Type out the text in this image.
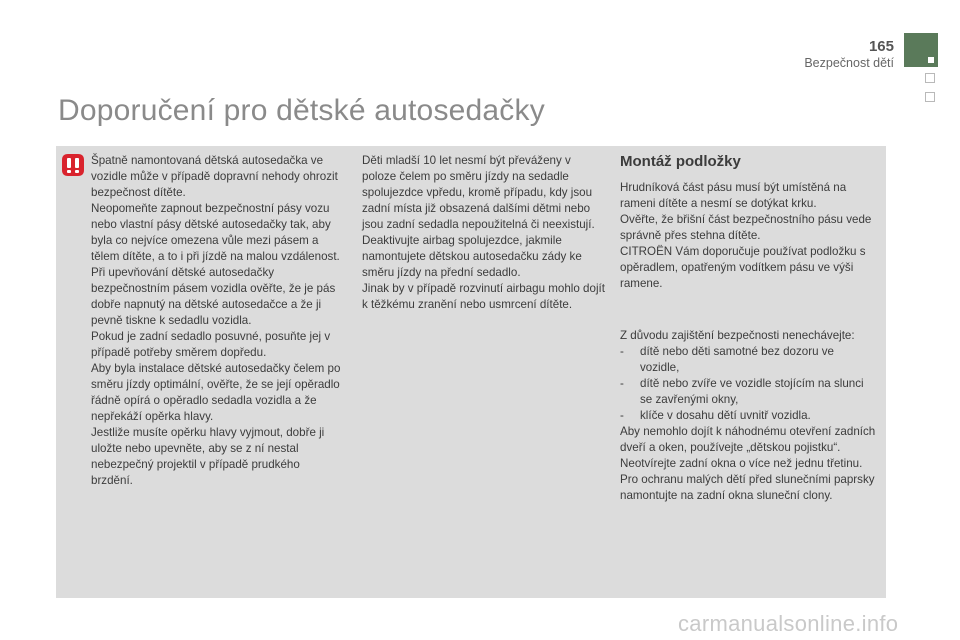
165
Bezpečnost dětí
Doporučení pro dětské autosedačky

Špatně namontovaná dětská autosedačka ve vozidle může v případě dopravní nehody ohrozit bezpečnost dítěte.

Neopomeňte zapnout bezpečnostní pásy vozu nebo vlastní pásy dětské autosedačky tak, aby byla co nejvíce omezena vůle mezi pásem a tělem dítěte, a to i při jízdě na malou vzdálenost.

Při upevňování dětské autosedačky bezpečnostním pásem vozidla ověřte, že je pás dobře napnutý na dětské autosedačce a že ji pevně tiskne k sedadlu vozidla.

Pokud je zadní sedadlo posuvné, posuňte jej v případě potřeby směrem dopředu.

Aby byla instalace dětské autosedačky čelem po směru jízdy optimální, ověřte, že se její opěradlo řádně opírá o opěradlo sedadla vozidla a že nepřekáží opěrka hlavy.

Jestliže musíte opěrku hlavy vyjmout, dobře ji uložte nebo upevněte, aby se z ní nestal nebezpečný projektil v případě prudkého brzdění.

Děti mladší 10 let nesmí být převáženy v poloze čelem po směru jízdy na sedadle spolujezdce vpředu, kromě případu, kdy jsou zadní místa již obsazená dalšími dětmi nebo jsou zadní sedadla nepoužitelná či neexistují.

Deaktivujte airbag spolujezdce, jakmile namontujete dětskou autosedačku zády ke směru jízdy na přední sedadlo.

Jinak by v případě rozvinutí airbagu mohlo dojít k těžkému zranění nebo usmrcení dítěte.

Montáž podložky

Hrudníková část pásu musí být umístěná na rameni dítěte a nesmí se dotýkat krku.

Ověřte, že břišní část bezpečnostního pásu vede správně přes stehna dítěte.

CITROËN Vám doporučuje používat podložku s opěradlem, opatřeným vodítkem pásu ve výši ramene.

Z důvodu zajištění bezpečnosti nenechávejte:

-	dítě nebo děti samotné bez dozoru ve vozidle,
-	dítě nebo zvíře ve vozidle stojícím na slunci se zavřenými okny,
-	klíče v dosahu dětí uvnitř vozidla.

Aby nemohlo dojít k náhodnému otevření zadních dveří a oken, používejte „dětskou pojistku“.

Neotvírejte zadní okna o více než jednu třetinu.

Pro ochranu malých dětí před slunečními paprsky namontujte na zadní okna sluneční clony.

carmanualsonline.info
